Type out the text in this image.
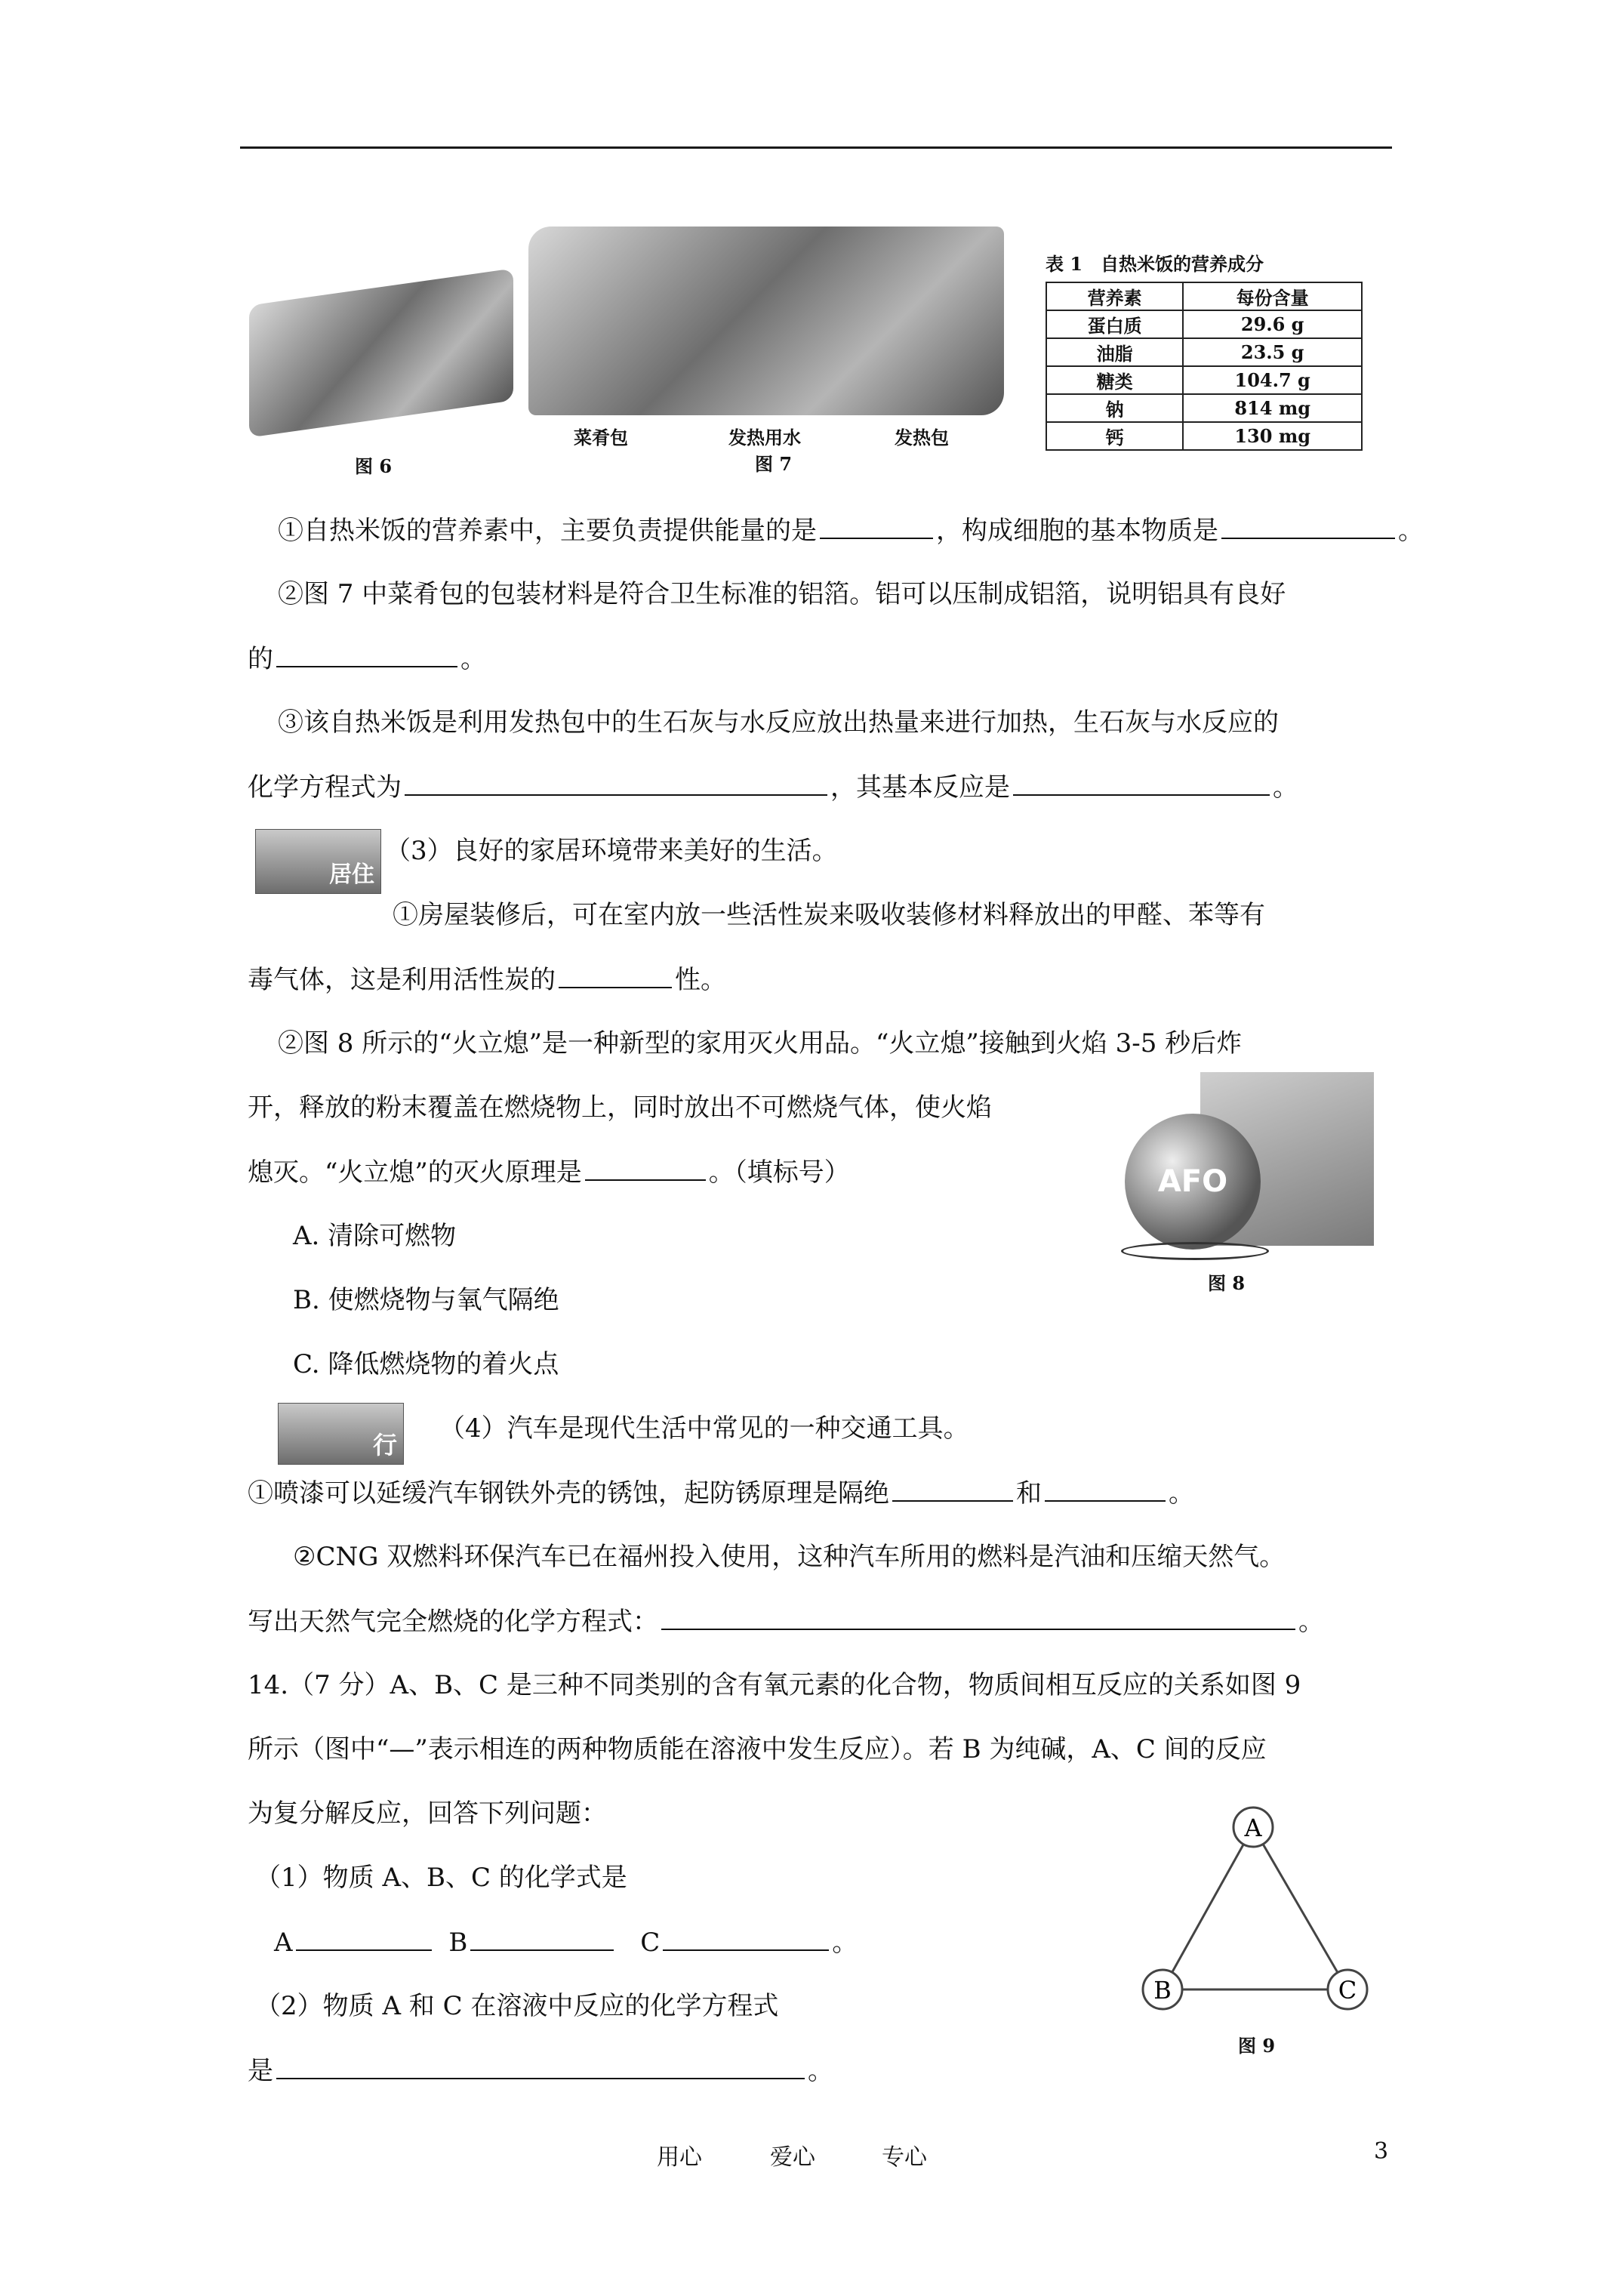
图 6
菜肴包	发热用水	发热包
图 7
表 1　自热米饭的营养成分
营养素	每份含量
蛋白质	29.6 g
油脂	23.5 g
糖类	104.7 g
钠	814 mg
钙	130 mg
①自热米饭的营养素中，主要负责提供能量的是	，构成细胞的基本物质是	。
②图 7 中菜肴包的包装材料是符合卫生标准的铝箔。铝可以压制成铝箔，说明铝具有良好
的	。
③该自热米饭是利用发热包中的生石灰与水反应放出热量来进行加热，生石灰与水反应的
化学方程式为	，其基本反应是	。
居住
（3）良好的家居环境带来美好的生活。
①房屋装修后，可在室内放一些活性炭来吸收装修材料释放出的甲醛、苯等有
毒气体，这是利用活性炭的	性。
②图 8 所示的“火立熄”是一种新型的家用灭火用品。“火立熄”接触到火焰 3-5 秒后炸
开，释放的粉末覆盖在燃烧物上，同时放出不可燃烧气体，使火焰
熄灭。“火立熄”的灭火原理是	。（填标号）
A. 清除可燃物
B. 使燃烧物与氧气隔绝
C. 降低燃烧物的着火点
AFO
图 8
行
（4）汽车是现代生活中常见的一种交通工具。
①喷漆可以延缓汽车钢铁外壳的锈蚀，起防锈原理是隔绝	和	。
②CNG 双燃料环保汽车已在福州投入使用，这种汽车所用的燃料是汽油和压缩天然气。
写出天然气完全燃烧的化学方程式：	。
14.（7 分）A、B、C 是三种不同类别的含有氧元素的化合物，物质间相互反应的关系如图 9
所示（图中“—”表示相连的两种物质能在溶液中发生反应）。若 B 为纯碱，A、C 间的反应
为复分解反应，回答下列问题：
（1）物质 A、B、C 的化学式是
A	B	C	。
（2）物质 A 和 C 在溶液中反应的化学方程式
是	。
A
B	C
图 9
用心	爱心	专心	3
